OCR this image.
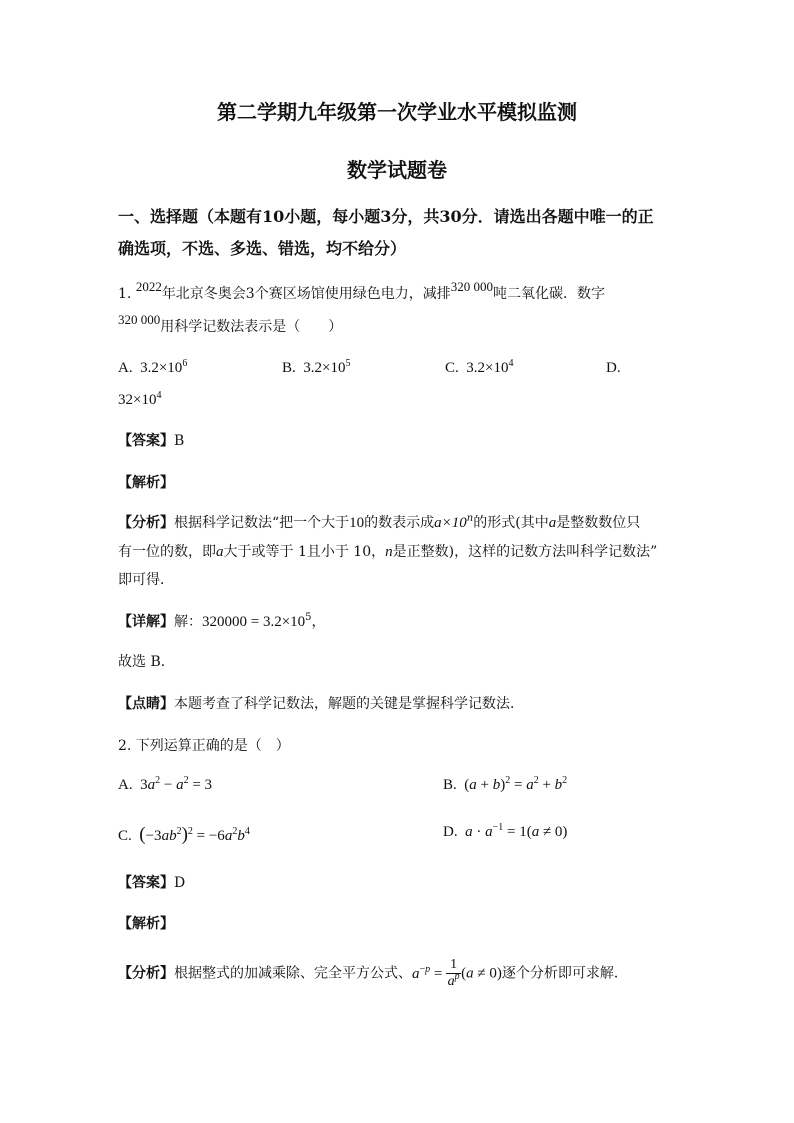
第二学期九年级第一次学业水平模拟监测
数学试题卷
一、选择题（本题有10小题，每小题3分，共30分．请选出各题中唯一的正
确选项，不选、多选、错选，均不给分）
1. 2022年北京冬奥会3个赛区场馆使用绿色电力，减排320 000吨二氧化碳．数字
320 000用科学记数法表示是（　　）
A. $3.2\times 10^6$	B. $3.2\times 10^5$	C. $3.2\times 10^4$	D.
$32\times 10^4$
【答案】B
【解析】
【分析】根据科学记数法“把一个大于10的数表示成$a\times 10^n$的形式(其中a是整数数位只
有一位的数，即a大于或等于 1且小于 10，n是正整数)，这样的记数方法叫科学记数法”
即可得．
【详解】解：$320000 = 3.2\times 10^5$，
故选 B．
【点睛】本题考查了科学记数法，解题的关键是掌握科学记数法．
2. 下列运算正确的是（　）
A.  $3a^2 - a^2 = 3$	B.  $(a + b)^2 = a^2 + b^2$
C. $(-3ab^2)^2 = -6a^2b^4$	D. $a \cdot a^{-1} = 1(a \ne 0)$
【答案】D
【解析】
【分析】根据整式的加减乘除、完全平方公式、$a^{-p} = \frac{1}{a^p} (a \ne 0)$逐个分析即可求解．
